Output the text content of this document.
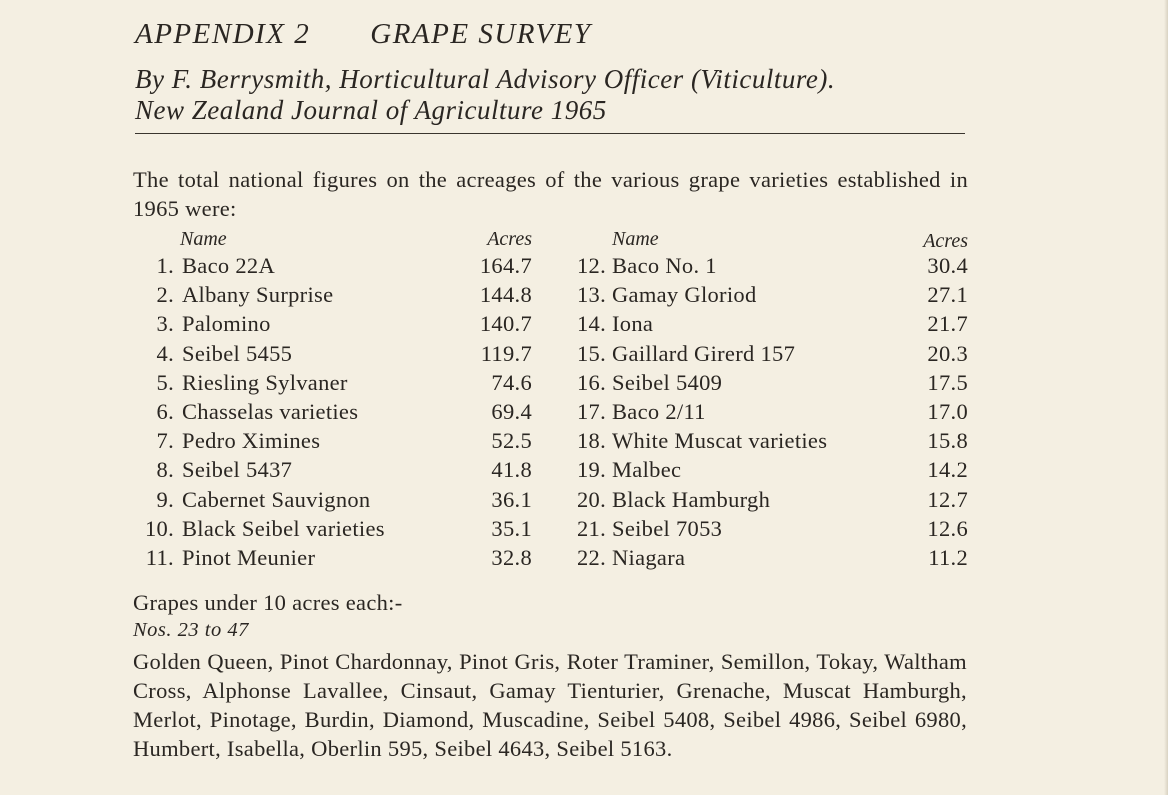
APPENDIX 2 GRAPE SURVEY
By F. Berrysmith, Horticultural Advisory Officer (Viticulture).
New Zealand Journal of Agriculture 1965
The total national figures on the acreages of the various grape varieties established in 1965 were:
Name	Acres	Name	Acres
1. Baco 22A	164.7
2. Albany Surprise	144.8
3. Palomino	140.7
4. Seibel 5455	119.7
5. Riesling Sylvaner	74.6
6. Chasselas varieties	69.4
7. Pedro Ximines	52.5
8. Seibel 5437	41.8
9. Cabernet Sauvignon	36.1
10. Black Seibel varieties	35.1
11. Pinot Meunier	32.8
12. Baco No. 1	30.4
13. Gamay Gloriod	27.1
14. Iona	21.7
15. Gaillard Girerd 157	20.3
16. Seibel 5409	17.5
17. Baco 2/11	17.0
18. White Muscat varieties	15.8
19. Malbec	14.2
20. Black Hamburgh	12.7
21. Seibel 7053	12.6
22. Niagara	11.2
Grapes under 10 acres each:-
Nos. 23 to 47
Golden Queen, Pinot Chardonnay, Pinot Gris, Roter Traminer, Semillon, Tokay, Waltham Cross, Alphonse Lavallee, Cinsaut, Gamay Tienturier, Grenache, Muscat Hamburgh, Merlot, Pinotage, Burdin, Diamond, Muscadine, Seibel 5408, Seibel 4986, Seibel 6980, Humbert, Isabella, Oberlin 595, Seibel 4643, Seibel 5163.
